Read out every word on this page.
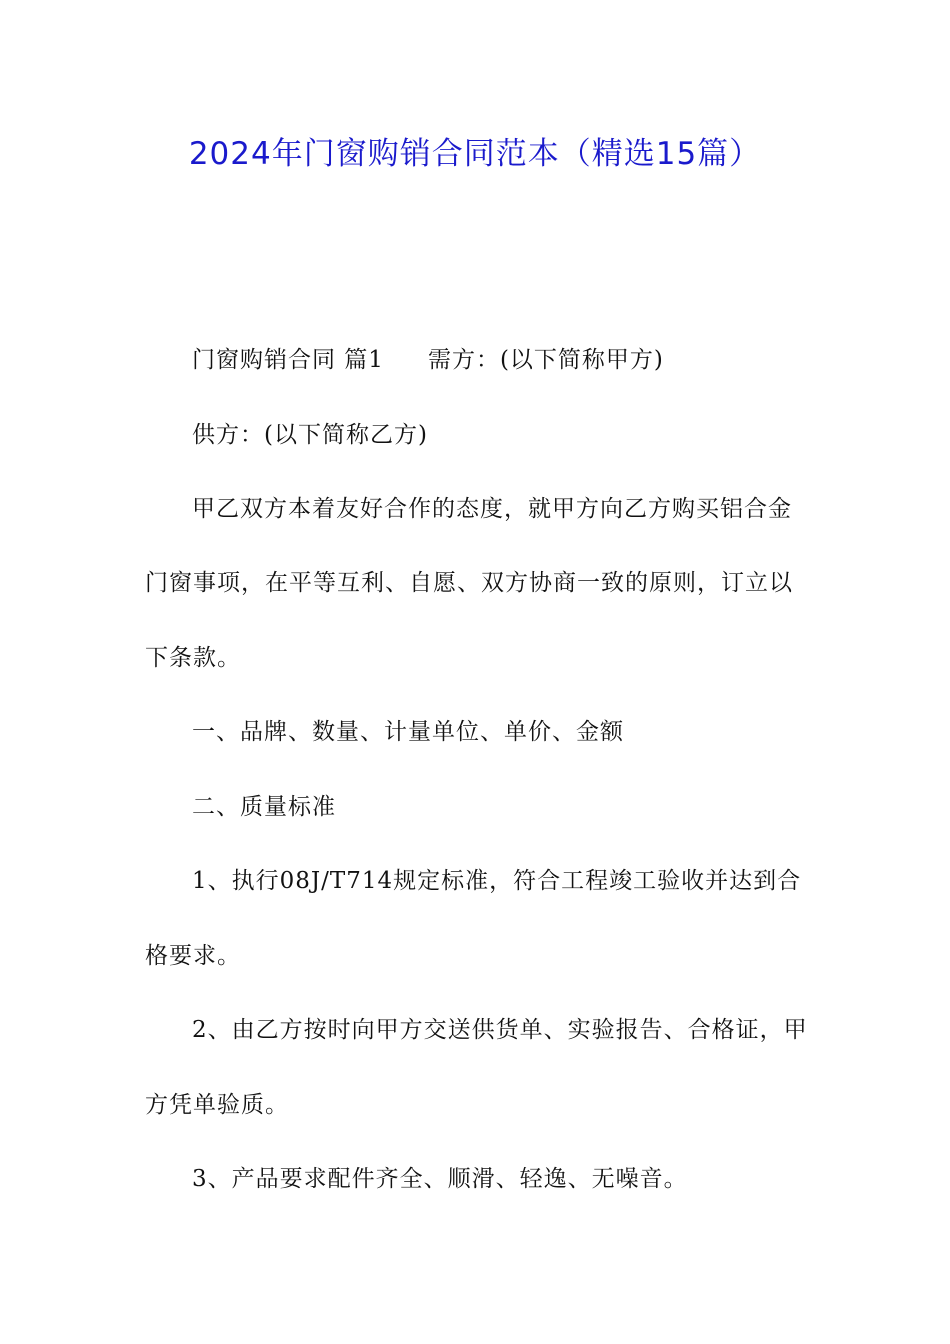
2024年门窗购销合同范本（精选15篇）
门窗购销合同 篇1 需方：(以下简称甲方)
供方：(以下简称乙方)
甲乙双方本着友好合作的态度，就甲方向乙方购买铝合金
门窗事项，在平等互利、自愿、双方协商一致的原则，订立以
下条款。
一、品牌、数量、计量单位、单价、金额
二、质量标准
1、执行08J/T714规定标准，符合工程竣工验收并达到合
格要求。
2、由乙方按时向甲方交送供货单、实验报告、合格证，甲
方凭单验质。
3、产品要求配件齐全、顺滑、轻逸、无噪音。
